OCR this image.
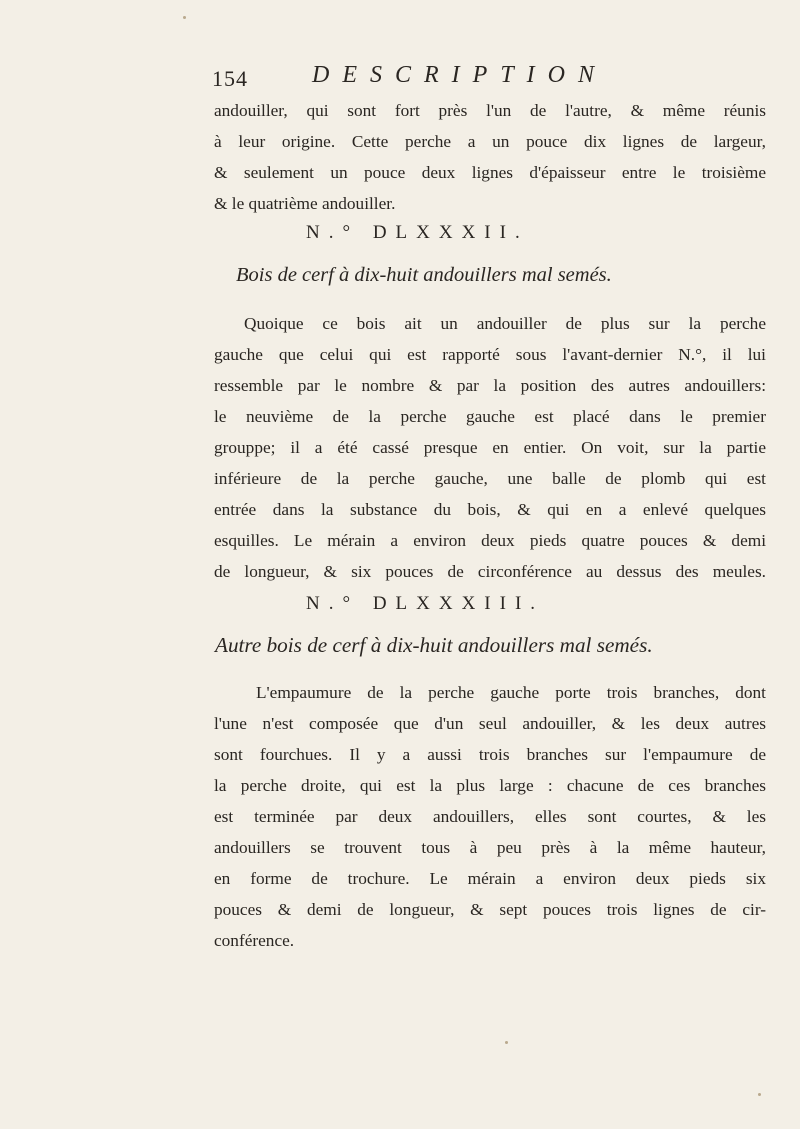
154	DESCRIPTION

andouiller, qui sont fort près l'un de l'autre, & même réunis
à leur origine. Cette perche a un pouce dix lignes de largeur,
& seulement un pouce deux lignes d'épaisseur entre le troisième
& le quatrième andouiller.

N.° DLXXXII.
Bois de cerf à dix-huit andouillers mal semés.

Quoique ce bois ait un andouiller de plus sur la perche
gauche que celui qui est rapporté sous l'avant-dernier N.°, il lui
ressemble par le nombre & par la position des autres andouillers:
le neuvième de la perche gauche est placé dans le premier
grouppe; il a été cassé presque en entier. On voit, sur la partie
inférieure de la perche gauche, une balle de plomb qui est
entrée dans la substance du bois, & qui en a enlevé quelques
esquilles. Le mérain a environ deux pieds quatre pouces & demi
de longueur, & six pouces de circonférence au dessus des meules.

N.° DLXXXIII.
Autre bois de cerf à dix-huit andouillers mal semés.

L'empaumure de la perche gauche porte trois branches, dont
l'une n'est composée que d'un seul andouiller, & les deux autres
sont fourchues. Il y a aussi trois branches sur l'empaumure de
la perche droite, qui est la plus large : chacune de ces branches
est terminée par deux andouillers, elles sont courtes, & les
andouillers se trouvent tous à peu près à la même hauteur,
en forme de trochure. Le mérain a environ deux pieds six
pouces & demi de longueur, & sept pouces trois lignes de cir-
conférence.
